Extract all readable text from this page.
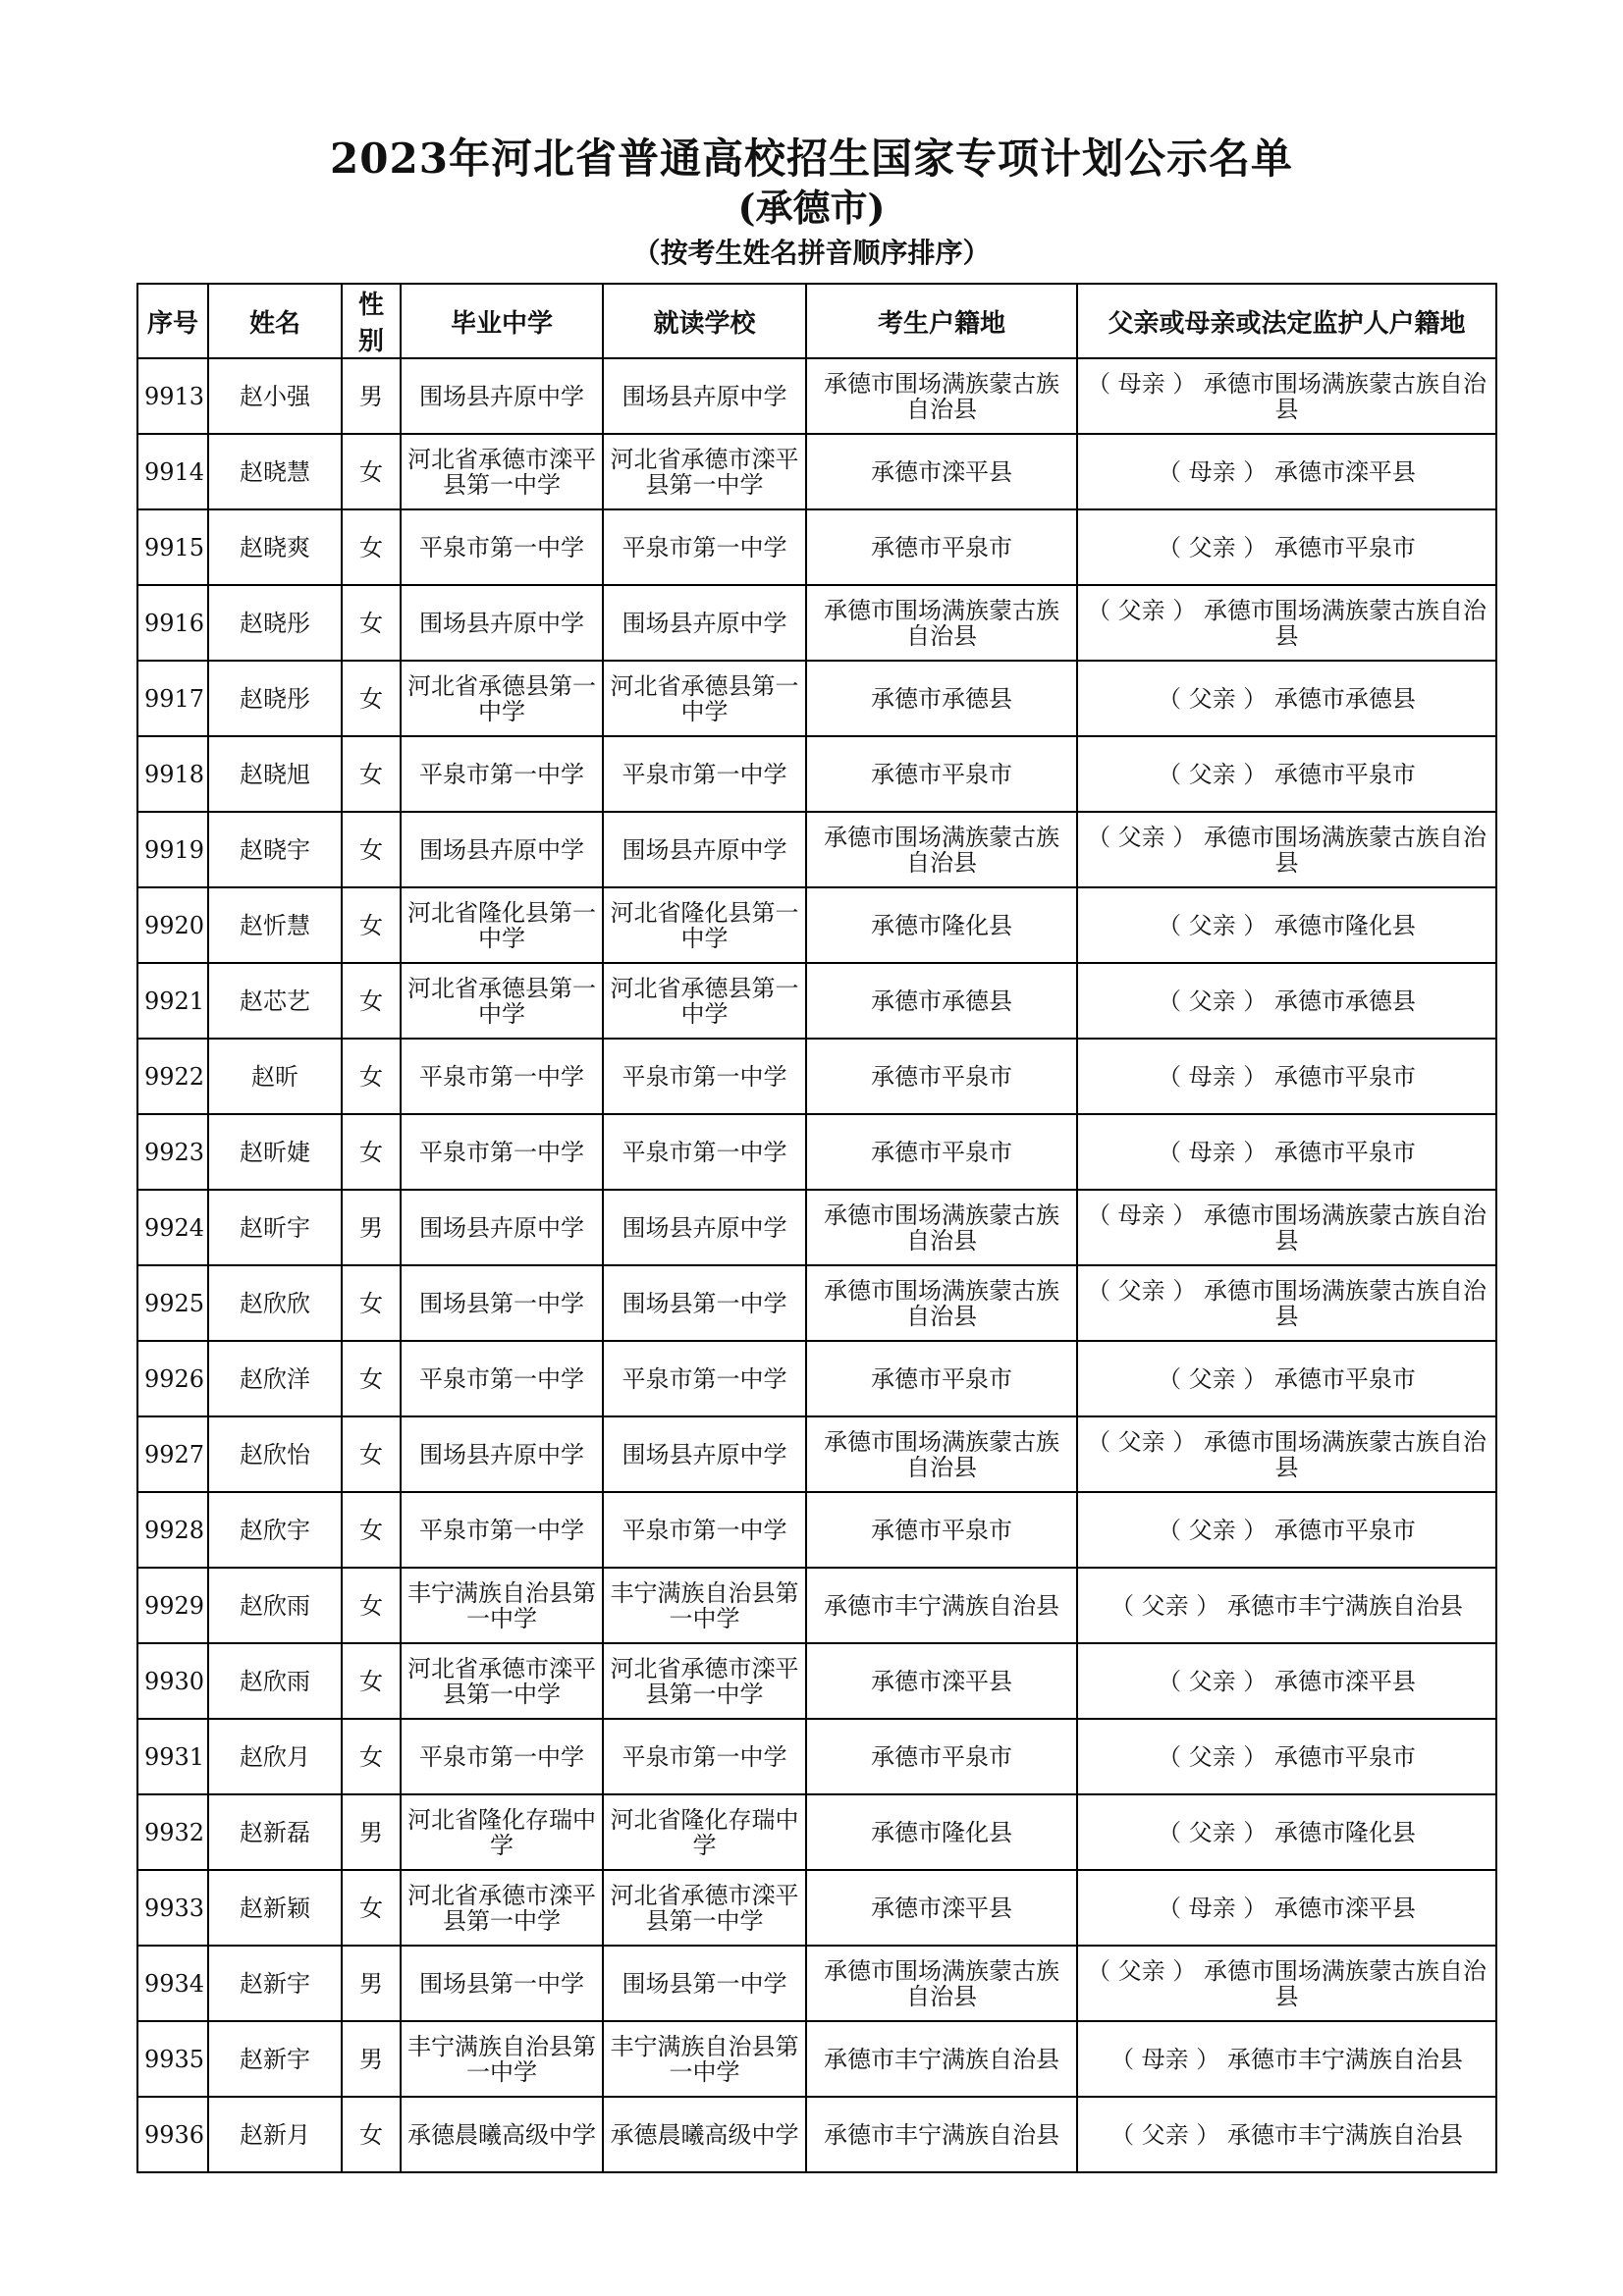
2023年河北省普通高校招生国家专项计划公示名单
(承德市)
（按考生姓名拼音顺序排序）
序号	姓名	性别	毕业中学	就读学校	考生户籍地	父亲或母亲或法定监护人户籍地
9913	赵小强	男	围场县卉原中学	围场县卉原中学	承德市围场满族蒙古族自治县	（ 母亲 ） 承德市围场满族蒙古族自治县
9914	赵晓慧	女	河北省承德市滦平县第一中学	河北省承德市滦平县第一中学	承德市滦平县	（ 母亲 ） 承德市滦平县
9915	赵晓爽	女	平泉市第一中学	平泉市第一中学	承德市平泉市	（ 父亲 ） 承德市平泉市
9916	赵晓彤	女	围场县卉原中学	围场县卉原中学	承德市围场满族蒙古族自治县	（ 父亲 ） 承德市围场满族蒙古族自治县
9917	赵晓彤	女	河北省承德县第一中学	河北省承德县第一中学	承德市承德县	（ 父亲 ） 承德市承德县
9918	赵晓旭	女	平泉市第一中学	平泉市第一中学	承德市平泉市	（ 父亲 ） 承德市平泉市
9919	赵晓宇	女	围场县卉原中学	围场县卉原中学	承德市围场满族蒙古族自治县	（ 父亲 ） 承德市围场满族蒙古族自治县
9920	赵忻慧	女	河北省隆化县第一中学	河北省隆化县第一中学	承德市隆化县	（ 父亲 ） 承德市隆化县
9921	赵芯艺	女	河北省承德县第一中学	河北省承德县第一中学	承德市承德县	（ 父亲 ） 承德市承德县
9922	赵昕	女	平泉市第一中学	平泉市第一中学	承德市平泉市	（ 母亲 ） 承德市平泉市
9923	赵昕婕	女	平泉市第一中学	平泉市第一中学	承德市平泉市	（ 母亲 ） 承德市平泉市
9924	赵昕宇	男	围场县卉原中学	围场县卉原中学	承德市围场满族蒙古族自治县	（ 母亲 ） 承德市围场满族蒙古族自治县
9925	赵欣欣	女	围场县第一中学	围场县第一中学	承德市围场满族蒙古族自治县	（ 父亲 ） 承德市围场满族蒙古族自治县
9926	赵欣洋	女	平泉市第一中学	平泉市第一中学	承德市平泉市	（ 父亲 ） 承德市平泉市
9927	赵欣怡	女	围场县卉原中学	围场县卉原中学	承德市围场满族蒙古族自治县	（ 父亲 ） 承德市围场满族蒙古族自治县
9928	赵欣宇	女	平泉市第一中学	平泉市第一中学	承德市平泉市	（ 父亲 ） 承德市平泉市
9929	赵欣雨	女	丰宁满族自治县第一中学	丰宁满族自治县第一中学	承德市丰宁满族自治县	（ 父亲 ） 承德市丰宁满族自治县
9930	赵欣雨	女	河北省承德市滦平县第一中学	河北省承德市滦平县第一中学	承德市滦平县	（ 父亲 ） 承德市滦平县
9931	赵欣月	女	平泉市第一中学	平泉市第一中学	承德市平泉市	（ 父亲 ） 承德市平泉市
9932	赵新磊	男	河北省隆化存瑞中学	河北省隆化存瑞中学	承德市隆化县	（ 父亲 ） 承德市隆化县
9933	赵新颖	女	河北省承德市滦平县第一中学	河北省承德市滦平县第一中学	承德市滦平县	（ 母亲 ） 承德市滦平县
9934	赵新宇	男	围场县第一中学	围场县第一中学	承德市围场满族蒙古族自治县	（ 父亲 ） 承德市围场满族蒙古族自治县
9935	赵新宇	男	丰宁满族自治县第一中学	丰宁满族自治县第一中学	承德市丰宁满族自治县	（ 母亲 ） 承德市丰宁满族自治县
9936	赵新月	女	承德晨曦高级中学	承德晨曦高级中学	承德市丰宁满族自治县	（ 父亲 ） 承德市丰宁满族自治县
